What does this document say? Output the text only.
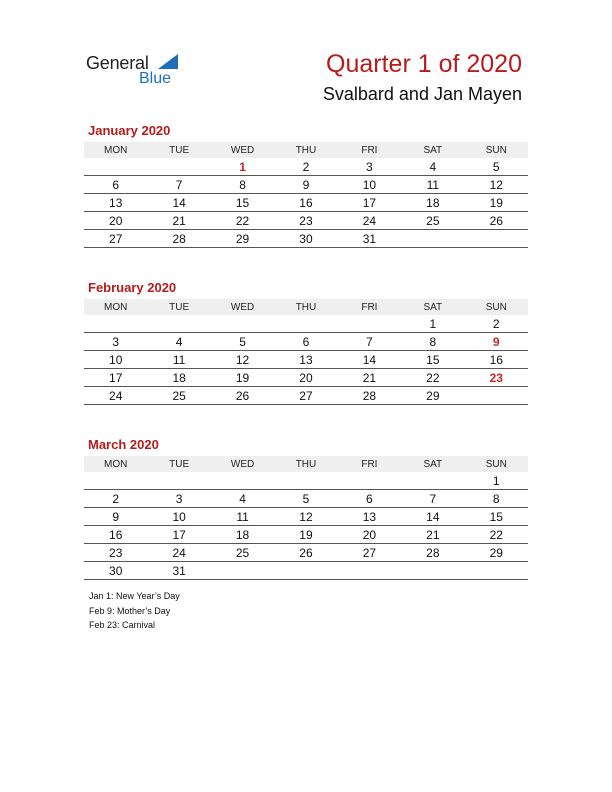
General
Blue
Quarter 1 of 2020
Svalbard and Jan Mayen
January 2020
MON	TUE	WED	THU	FRI	SAT	SUN
		1	2	3	4	5
6	7	8	9	10	11	12
13	14	15	16	17	18	19
20	21	22	23	24	25	26
27	28	29	30	31		
February 2020
MON	TUE	WED	THU	FRI	SAT	SUN
					1	2
3	4	5	6	7	8	9
10	11	12	13	14	15	16
17	18	19	20	21	22	23
24	25	26	27	28	29	
March 2020
MON	TUE	WED	THU	FRI	SAT	SUN
						1
2	3	4	5	6	7	8
9	10	11	12	13	14	15
16	17	18	19	20	21	22
23	24	25	26	27	28	29
30	31					
Jan 1: New Year’s Day
Feb 9: Mother’s Day
Feb 23: Carnival
